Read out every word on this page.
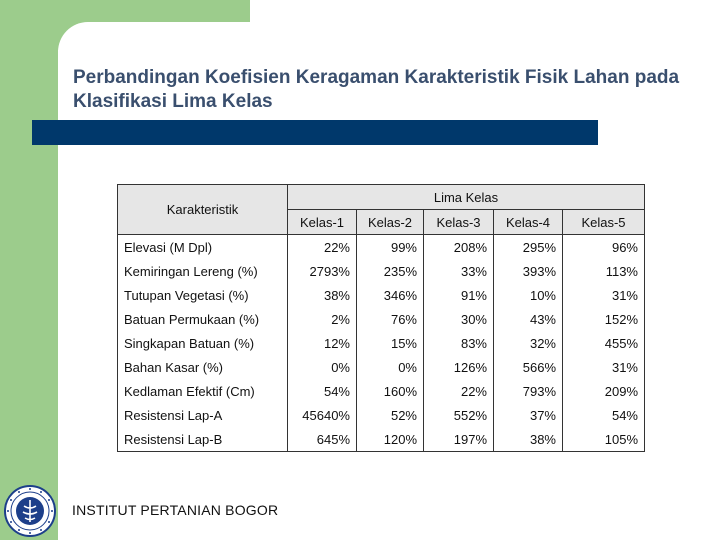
Perbandingan Koefisien Keragaman Karakteristik Fisik Lahan pada Klasifikasi Lima Kelas
Karakteristik	Lima Kelas				
	Kelas-1	Kelas-2	Kelas-3	Kelas-4	Kelas-5
Elevasi (M Dpl)	22%	99%	208%	295%	96%
Kemiringan Lereng (%)	2793%	235%	33%	393%	113%
Tutupan Vegetasi (%)	38%	346%	91%	10%	31%
Batuan Permukaan (%)	2%	76%	30%	43%	152%
Singkapan Batuan (%)	12%	15%	83%	32%	455%
Bahan Kasar (%)	0%	0%	126%	566%	31%
Kedlaman Efektif (Cm)	54%	160%	22%	793%	209%
Resistensi Lap-A	45640%	52%	552%	37%	54%
Resistensi Lap-B	645%	120%	197%	38%	105%
INSTITUT PERTANIAN BOGOR
